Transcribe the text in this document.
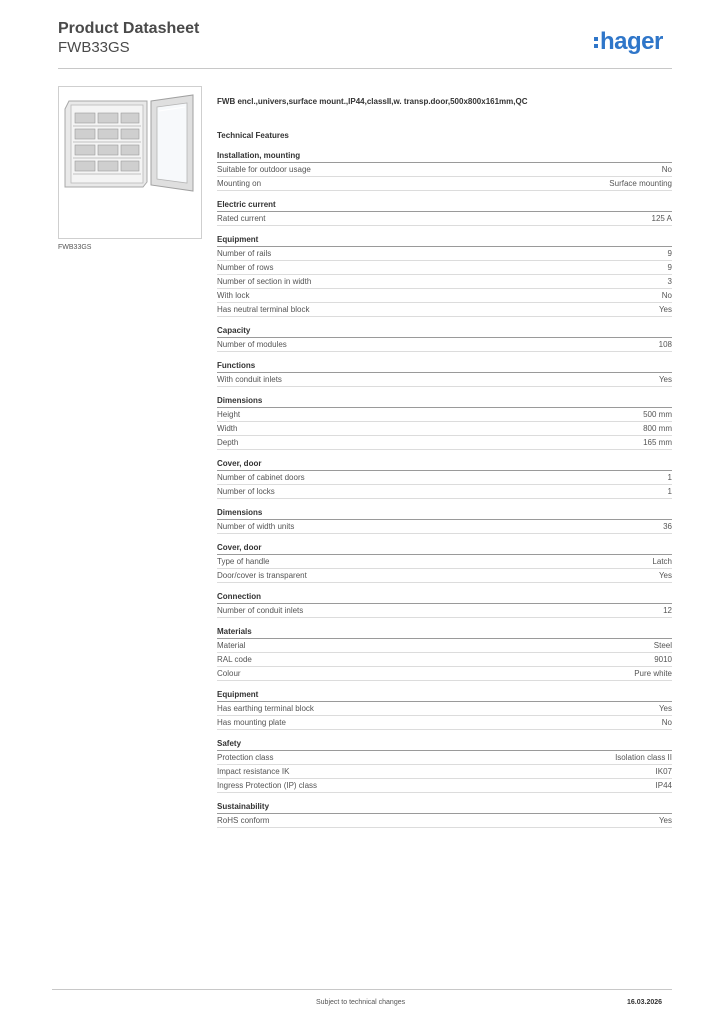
Product Datasheet
FWB33GS	hager
FWB33GS
FWB encl.,univers,surface mount.,IP44,classII,w. transp.door,500x800x161mm,QC
Technical Features
Installation, mounting
Suitable for outdoor usage	No
Mounting on	Surface mounting
Electric current
Rated current	125 A
Equipment
Number of rails	9
Number of rows	9
Number of section in width	3
With lock	No
Has neutral terminal block	Yes
Capacity
Number of modules	108
Functions
With conduit inlets	Yes
Dimensions
Height	500 mm
Width	800 mm
Depth	165 mm
Cover, door
Number of cabinet doors	1
Number of locks	1
Dimensions
Number of width units	36
Cover, door
Type of handle	Latch
Door/cover is transparent	Yes
Connection
Number of conduit inlets	12
Materials
Material	Steel
RAL code	9010
Colour	Pure white
Equipment
Has earthing terminal block	Yes
Has mounting plate	No
Safety
Protection class	Isolation class II
Impact resistance IK	IK07
Ingress Protection (IP) class	IP44
Sustainability
RoHS conform	Yes
Subject to technical changes	16.03.2026
